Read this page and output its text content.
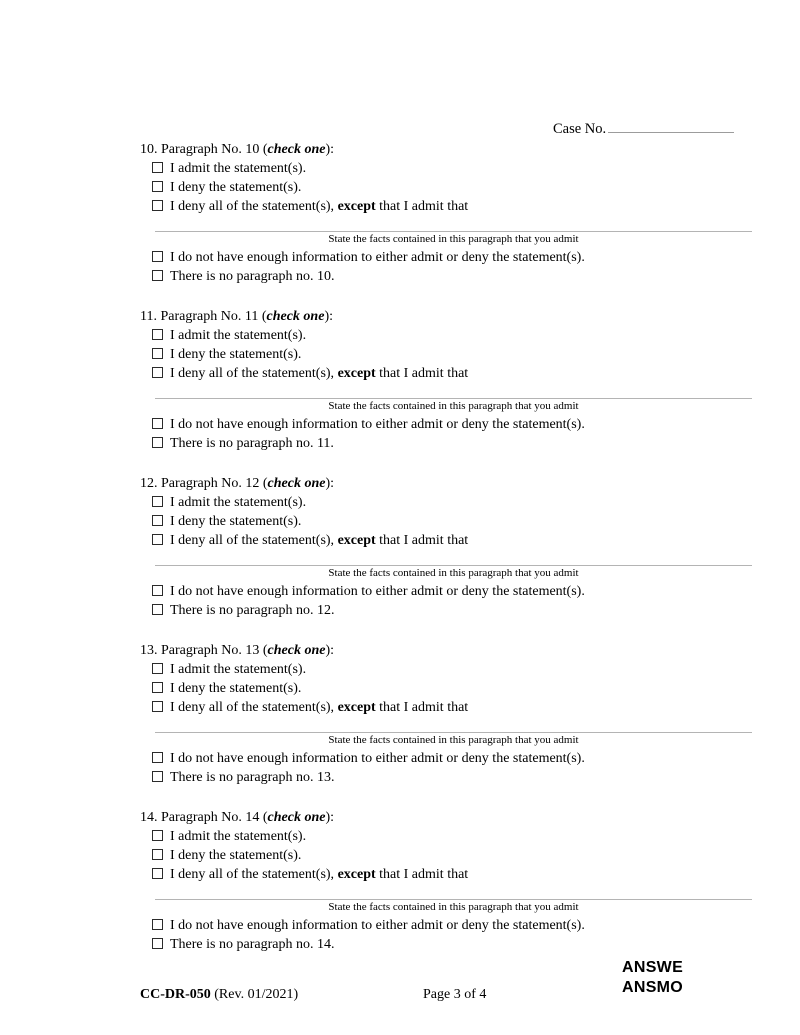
Case No.
10. Paragraph No. 10 (check one):
I admit the statement(s).
I deny the statement(s).
I deny all of the statement(s), except that I admit that
State the facts contained in this paragraph that you admit
I do not have enough information to either admit or deny the statement(s).
There is no paragraph no. 10.
11. Paragraph No. 11 (check one):
I admit the statement(s).
I deny the statement(s).
I deny all of the statement(s), except that I admit that
State the facts contained in this paragraph that you admit
I do not have enough information to either admit or deny the statement(s).
There is no paragraph no. 11.
12. Paragraph No. 12 (check one):
I admit the statement(s).
I deny the statement(s).
I deny all of the statement(s), except that I admit that
State the facts contained in this paragraph that you admit
I do not have enough information to either admit or deny the statement(s).
There is no paragraph no. 12.
13. Paragraph No. 13 (check one):
I admit the statement(s).
I deny the statement(s).
I deny all of the statement(s), except that I admit that
State the facts contained in this paragraph that you admit
I do not have enough information to either admit or deny the statement(s).
There is no paragraph no. 13.
14. Paragraph No. 14 (check one):
I admit the statement(s).
I deny the statement(s).
I deny all of the statement(s), except that I admit that
State the facts contained in this paragraph that you admit
I do not have enough information to either admit or deny the statement(s).
There is no paragraph no. 14.
CC-DR-050 (Rev. 01/2021)	Page 3 of 4
ANSWE
ANSMO
